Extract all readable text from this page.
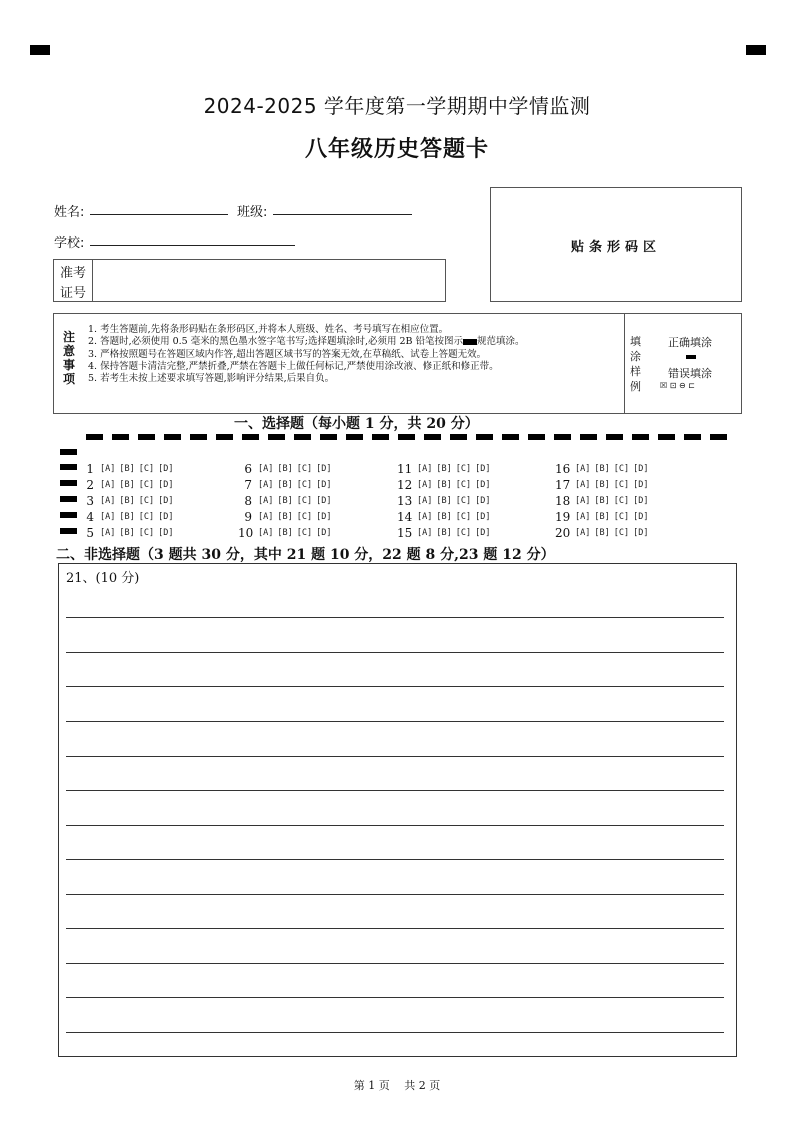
2024-2025 学年度第一学期期中学情监测
八年级历史答题卡
姓名:	班级:
学校:
准考
证号
贴条形码区
注
意
事
项
1. 考生答题前,先将条形码贴在条形码区,并将本人班级、姓名、考号填写在相应位置。
2. 答题时,必须使用 0.5 毫米的黑色墨水签字笔书写;选择题填涂时,必须用 2B 铅笔按图示 规范填涂。
3. 严格按照题号在答题区域内作答,超出答题区域书写的答案无效,在草稿纸、试卷上答题无效。
4. 保持答题卡清洁完整,严禁折叠,严禁在答题卡上做任何标记,严禁使用涂改液、修正纸和修正带。
5. 若考生未按上述要求填写答题,影响评分结果,后果自负。
填
涂
样
例
正确填涂
错误填涂
☒ ⊡ ⊖ ⊏
一、选择题（每小题 1 分，共 20 分）
1 [A] [B] [C] [D]
2 [A] [B] [C] [D]
3 [A] [B] [C] [D]
4 [A] [B] [C] [D]
5 [A] [B] [C] [D]
6 [A] [B] [C] [D]
7 [A] [B] [C] [D]
8 [A] [B] [C] [D]
9 [A] [B] [C] [D]
10 [A] [B] [C] [D]
11 [A] [B] [C] [D]
12 [A] [B] [C] [D]
13 [A] [B] [C] [D]
14 [A] [B] [C] [D]
15 [A] [B] [C] [D]
16 [A] [B] [C] [D]
17 [A] [B] [C] [D]
18 [A] [B] [C] [D]
19 [A] [B] [C] [D]
20 [A] [B] [C] [D]
二、非选择题（3 题共 30 分，其中 21 题 10 分，22 题 8 分,23 题 12 分）
21、(10 分)
第 1 页　 共 2 页
